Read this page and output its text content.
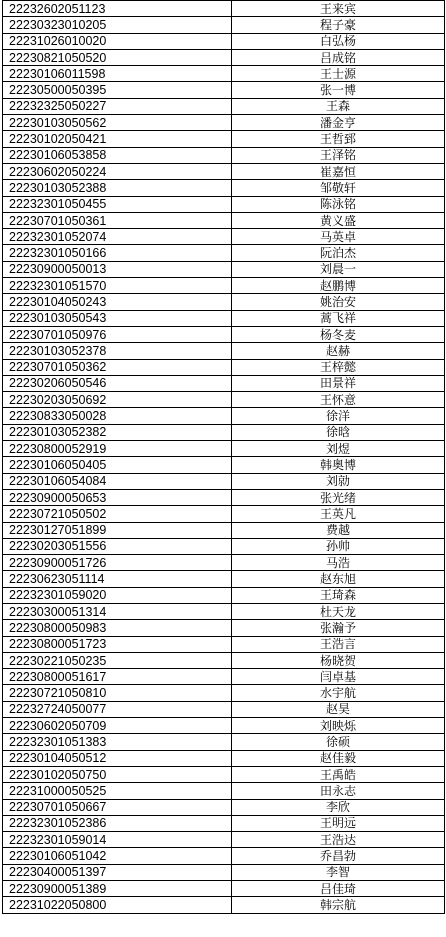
22232602051123	王来宾
22230323010205	程子豪
22231026010020	白弘杨
22230821050520	吕成铭
22230106011598	王士源
22230500050395	张一博
22232325050227	王森
22230103050562	潘金亨
22230102050421	王哲郅
22230106053858	王泽铭
22230602050224	崔嘉恒
22230103052388	邹敬轩
22232301050455	陈泳铭
22230701050361	黄义盛
22232301052074	马英卓
22232301050166	阮泊杰
22230900050013	刘晨一
22232301051570	赵鹏博
22230104050243	姚治安
22230103050543	蒿飞祥
22230701050976	杨冬麦
22230103052378	赵赫
22230701050362	王梓懿
22230206050546	田景祥
22230203050692	王怀意
22230833050028	徐洋
22230103052382	徐晗
22230800052919	刘煜
22230106050405	韩奥博
22230106054084	刘勍
22230900050653	张光绪
22230721050502	王英凡
22230127051899	费越
22230203051556	孙帅
22230900051726	马浩
22230623051114	赵东旭
22232301059020	王琦森
22230300051314	杜天龙
22230800050983	张瀚予
22230800051723	王浩言
22230221050235	杨晓贺
22230800051617	闫卓基
22230721050810	水宇航
22232724050077	赵昊
22230602050709	刘映烁
22232301051383	徐硕
22230104050512	赵佳毅
22230102050750	王禹皓
22231000050525	田永志
22230701050667	李欣
22232301052386	王明远
22232301059014	王浩达
22230106051042	乔昌勃
22230400051397	李智
22230900051389	吕佳琦
22231022050800	韩宗航
